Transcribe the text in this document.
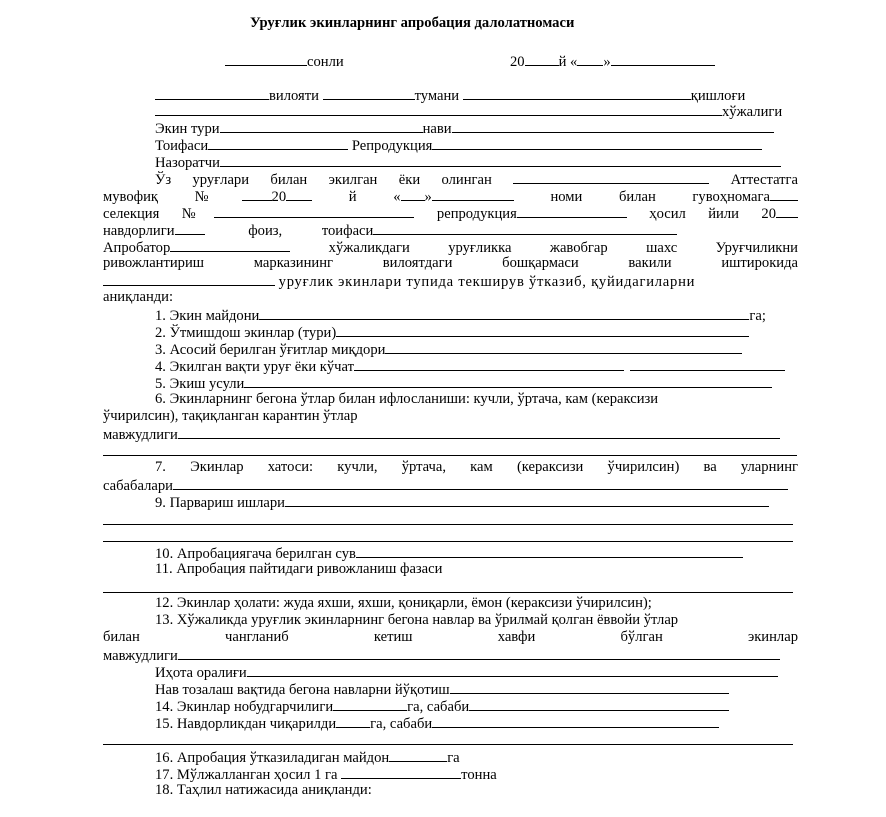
Уруғлик экинларнинг апробация далолатномаси
сонли	20 й « »
вилояти	тумани	қишлоғи
хўжалиги
Экин тури	нави
Тоифаси	Репродукция
Назоратчи
Ўз уруғлари билан экилган ёки олинган	Аттестатга
мувофиқ	№ 20	й	« »	номи	билан	гувоҳномага
селекция №	репродукция	ҳосил йили 20
навдорлиги	фоиз,	тоифаси
Апробатор	хўжаликдаги	уруғликка	жавобгар	шахс	Уруғчиликни
ривожлантириш марказининг вилоятдаги бошқармаси вакили иштирокида
уруғлик экинлари тупида текширув ўтказиб, қуйидагиларни
аниқланди:
1. Экин майдони	га;
2. Ўтмишдош экинлар (тури)
3. Асосий берилган ўғитлар миқдори
4. Экилган вақти уруғ ёки кўчат
5. Экиш усули
6. Экинларнинг бегона ўтлар билан ифлосланиши: кучли, ўртача, кам (кераксизи
ўчирилсин), тақиқланган карантин ўтлар
мавжудлиги
7. Экинлар хатоси: кучли, ўртача, кам (кераксизи ўчирилсин) ва уларнинг
сабабалари
9. Парвариш ишлари
10. Апробациягача берилган сув
11. Апробация пайтидаги ривожланиш фазаси
12. Экинлар ҳолати: жуда яхши, яхши, қониқарли, ёмон (кераксизи ўчирилсин);
13. Хўжаликда уруғлик экинларнинг бегона навлар ва ўрилмай қолган ёввойи ўтлар
билан чангланиб кетиш хавфи бўлган экинлар
мавжудлиги
Иҳота оралиғи
Нав тозалаш вақтида бегона навларни йўқотиш
14. Экинлар нобудгарчилиги	га, сабаби
15. Навдорликдан чиқарилди га, сабаби
16. Апробация ўтказиладиган майдон	га
17. Мўлжалланган ҳосил 1 га	тонна
18. Таҳлил натижасида аниқланди:
